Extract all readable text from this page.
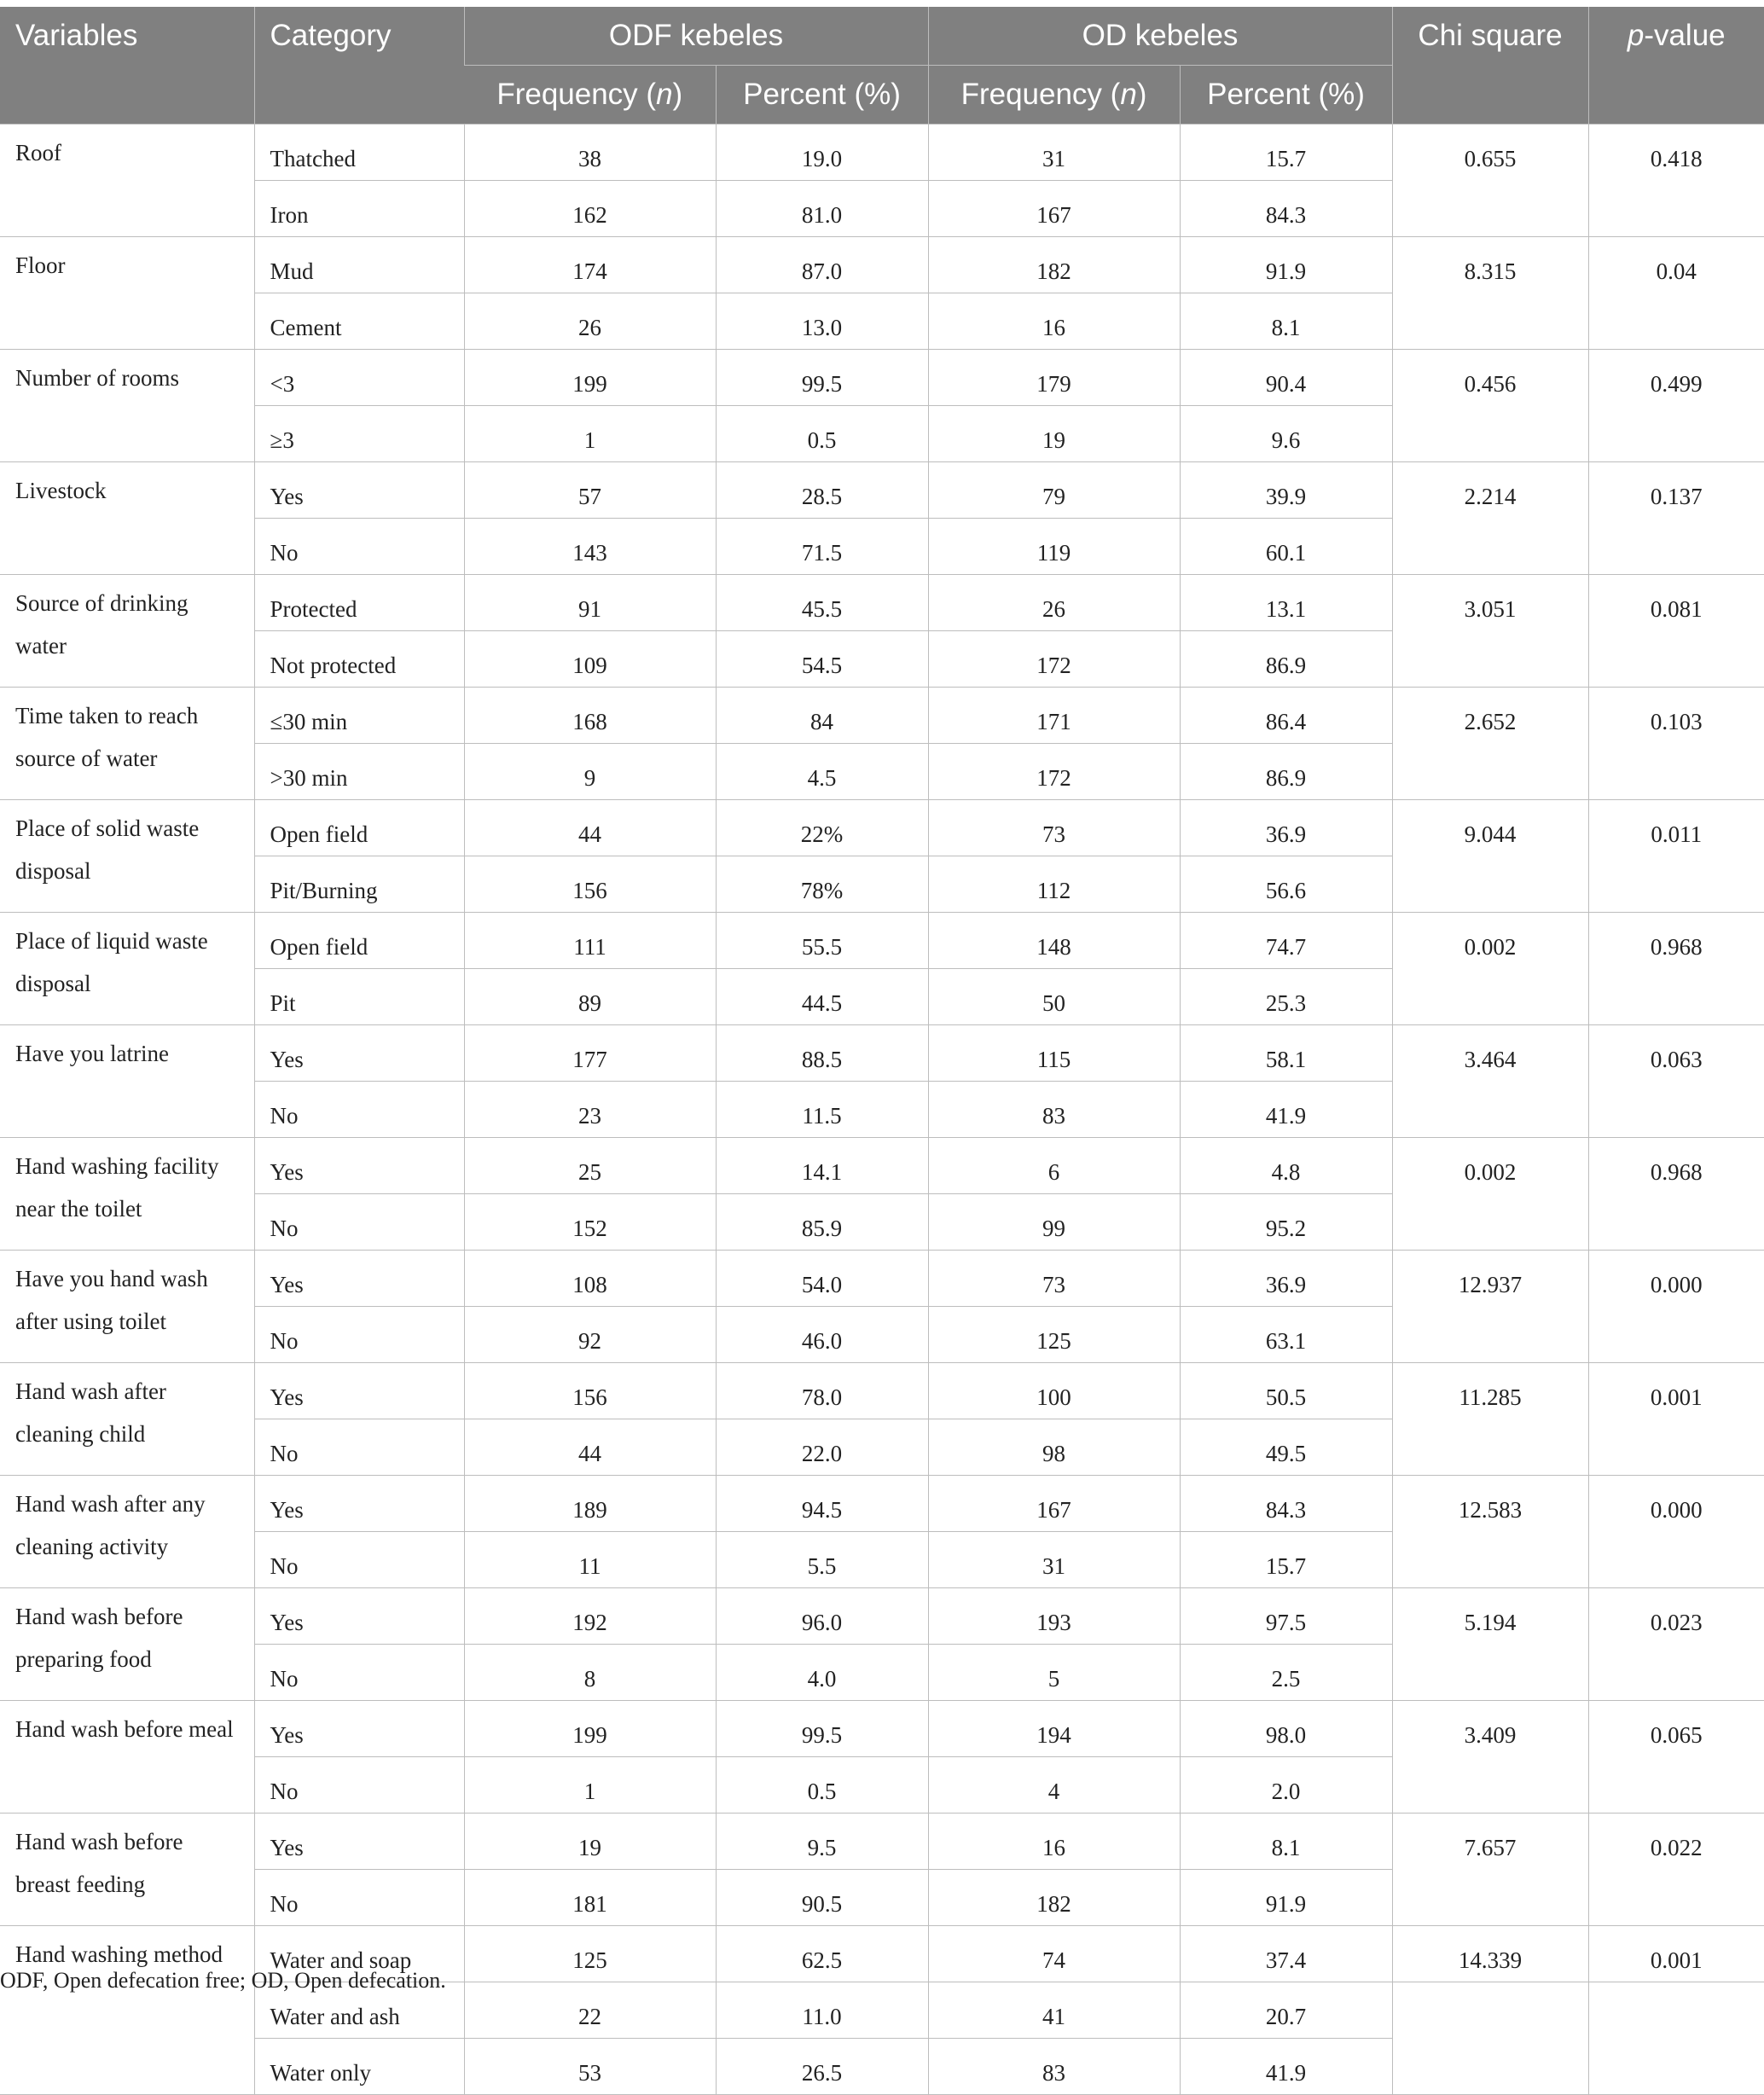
Variables	Category	ODF kebeles		OD kebeles		Chi square	p-value
		Frequency (n)	Percent (%)	Frequency (n)	Percent (%)		
Roof	Thatched	38	19.0	31	15.7	0.655	0.418
	Iron	162	81.0	167	84.3		
Floor	Mud	174	87.0	182	91.9	8.315	0.04
	Cement	26	13.0	16	8.1		
Number of rooms	<3	199	99.5	179	90.4	0.456	0.499
	≥3	1	0.5	19	9.6		
Livestock	Yes	57	28.5	79	39.9	2.214	0.137
	No	143	71.5	119	60.1		
Source of drinking water	Protected	91	45.5	26	13.1	3.051	0.081
	Not protected	109	54.5	172	86.9		
Time taken to reach source of water	≤30 min	168	84	171	86.4	2.652	0.103
	>30 min	9	4.5	172	86.9		
Place of solid waste disposal	Open field	44	22%	73	36.9	9.044	0.011
	Pit/Burning	156	78%	112	56.6		
Place of liquid waste disposal	Open field	111	55.5	148	74.7	0.002	0.968
	Pit	89	44.5	50	25.3		
Have you latrine	Yes	177	88.5	115	58.1	3.464	0.063
	No	23	11.5	83	41.9		
Hand washing facility near the toilet	Yes	25	14.1	6	4.8	0.002	0.968
	No	152	85.9	99	95.2		
Have you hand wash after using toilet	Yes	108	54.0	73	36.9	12.937	0.000
	No	92	46.0	125	63.1		
Hand wash after cleaning child	Yes	156	78.0	100	50.5	11.285	0.001
	No	44	22.0	98	49.5		
Hand wash after any cleaning activity	Yes	189	94.5	167	84.3	12.583	0.000
	No	11	5.5	31	15.7		
Hand wash before preparing food	Yes	192	96.0	193	97.5	5.194	0.023
	No	8	4.0	5	2.5		
Hand wash before meal	Yes	199	99.5	194	98.0	3.409	0.065
	No	1	0.5	4	2.0		
Hand wash before breast feeding	Yes	19	9.5	16	8.1	7.657	0.022
	No	181	90.5	182	91.9		
Hand washing method	Water and soap	125	62.5	74	37.4	14.339	0.001
	Water and ash	22	11.0	41	20.7		
	Water only	53	26.5	83	41.9		
ODF, Open defecation free; OD, Open defecation.
